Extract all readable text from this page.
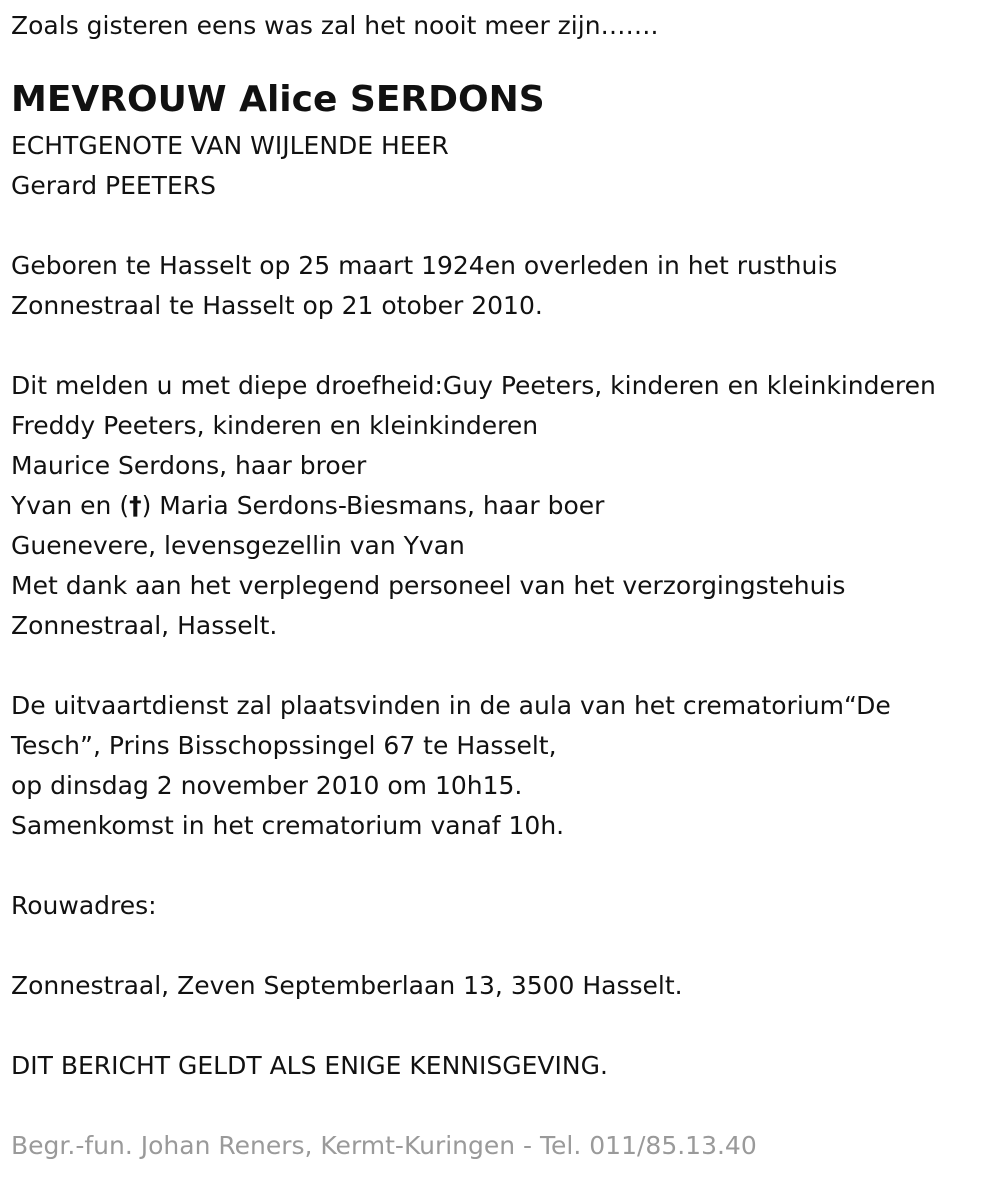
Zoals gisteren eens was zal het nooit meer zijn…….
MEVROUW Alice SERDONS
ECHTGENOTE VAN WIJLENDE HEER
Gerard PEETERS
Geboren te Hasselt op 25 maart 1924en overleden in het rusthuis
Zonnestraal te Hasselt op 21 otober 2010.
Dit melden u met diepe droefheid:Guy Peeters, kinderen en kleinkinderen
Freddy Peeters, kinderen en kleinkinderen
Maurice Serdons, haar broer
Yvan en (†) Maria Serdons-Biesmans, haar boer
Guenevere, levensgezellin van Yvan
Met dank aan het verplegend personeel van het verzorgingstehuis
Zonnestraal, Hasselt.
De uitvaartdienst zal plaatsvinden in de aula van het crematorium“De
Tesch”, Prins Bisschopssingel 67 te Hasselt,
op dinsdag 2 november 2010 om 10h15.
Samenkomst in het crematorium vanaf 10h.
Rouwadres:
Zonnestraal, Zeven Septemberlaan 13, 3500 Hasselt.
DIT BERICHT GELDT ALS ENIGE KENNISGEVING.
Begr.-fun. Johan Reners, Kermt-Kuringen - Tel. 011/85.13.40
